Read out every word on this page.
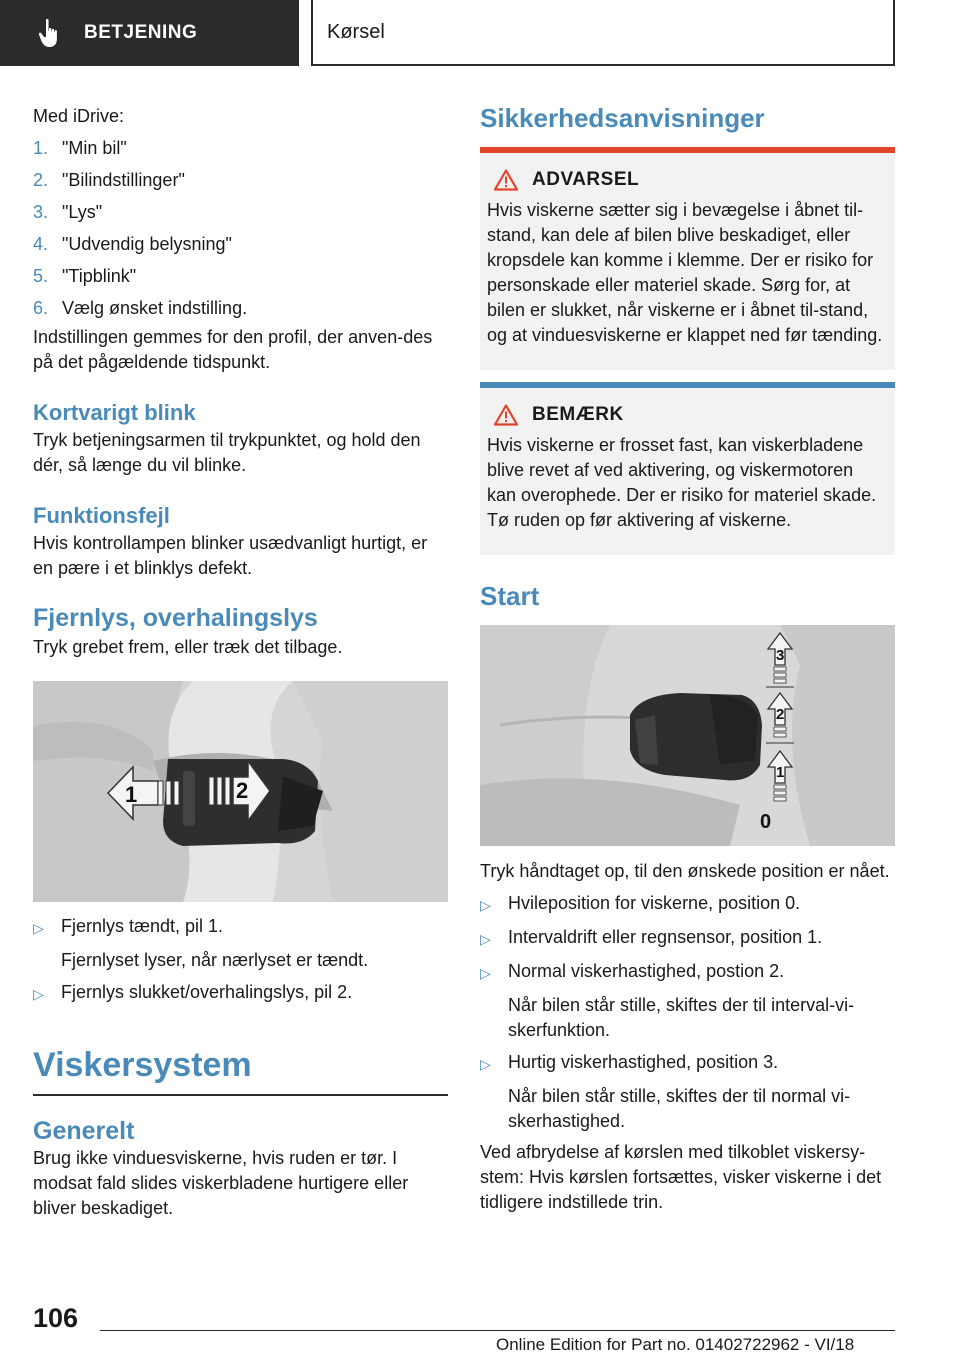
BETJENING	Kørsel

Med iDrive:

1. "Min bil"
2. "Bilindstillinger"
3. "Lys"
4. "Udvendig belysning"
5. "Tipblink"
6. Vælg ønsket indstilling.

Indstillingen gemmes for den profil, der anven-des på det pågældende tidspunkt.

Kortvarigt blink

Tryk betjeningsarmen til trykpunktet, og hold den dér, så længe du vil blinke.

Funktionsfejl

Hvis kontrollampen blinker usædvanligt hurtigt, er en pære i et blinklys defekt.

Fjernlys, overhalingslys

Tryk grebet frem, eller træk det tilbage.

1	2
▷ Fjernlys tændt, pil 1.
Fjernlyset lyser, når nærlyset er tændt.
▷ Fjernlys slukket/overhalingslys, pil 2.
Viskersystem
Generelt

Brug ikke vinduesviskerne, hvis ruden er tør. I modsat fald slides viskerbladene hurtigere eller bliver beskadiget.

Sikkerhedsanvisninger
ADVARSEL

Hvis viskerne sætter sig i bevægelse i åbnet til-stand, kan dele af bilen blive beskadiget, eller kropsdele kan komme i klemme. Der er risiko for personskade eller materiel skade. Sørg for, at bilen er slukket, når viskerne er i åbnet til-stand, og at vinduesviskerne er klappet ned før tænding.

BEMÆRK

Hvis viskerne er frosset fast, kan viskerbladene blive revet af ved aktivering, og viskermotoren kan overophede. Der er risiko for materiel skade. Tø ruden op før aktivering af viskerne.

Start
3
2
1
0

Tryk håndtaget op, til den ønskede position er nået.

▷ Hvileposition for viskerne, position 0.
▷ Intervaldrift eller regnsensor, position 1.
▷ Normal viskerhastighed, postion 2.
Når bilen står stille, skiftes der til interval-vi-skerfunktion.
▷ Hurtig viskerhastighed, position 3.
Når bilen står stille, skiftes der til normal vi-skerhastighed.

Ved afbrydelse af kørslen med tilkoblet viskersy-stem: Hvis kørslen fortsættes, visker viskerne i det tidligere indstillede trin.

106
Online Edition for Part no. 01402722962 - VI/18
